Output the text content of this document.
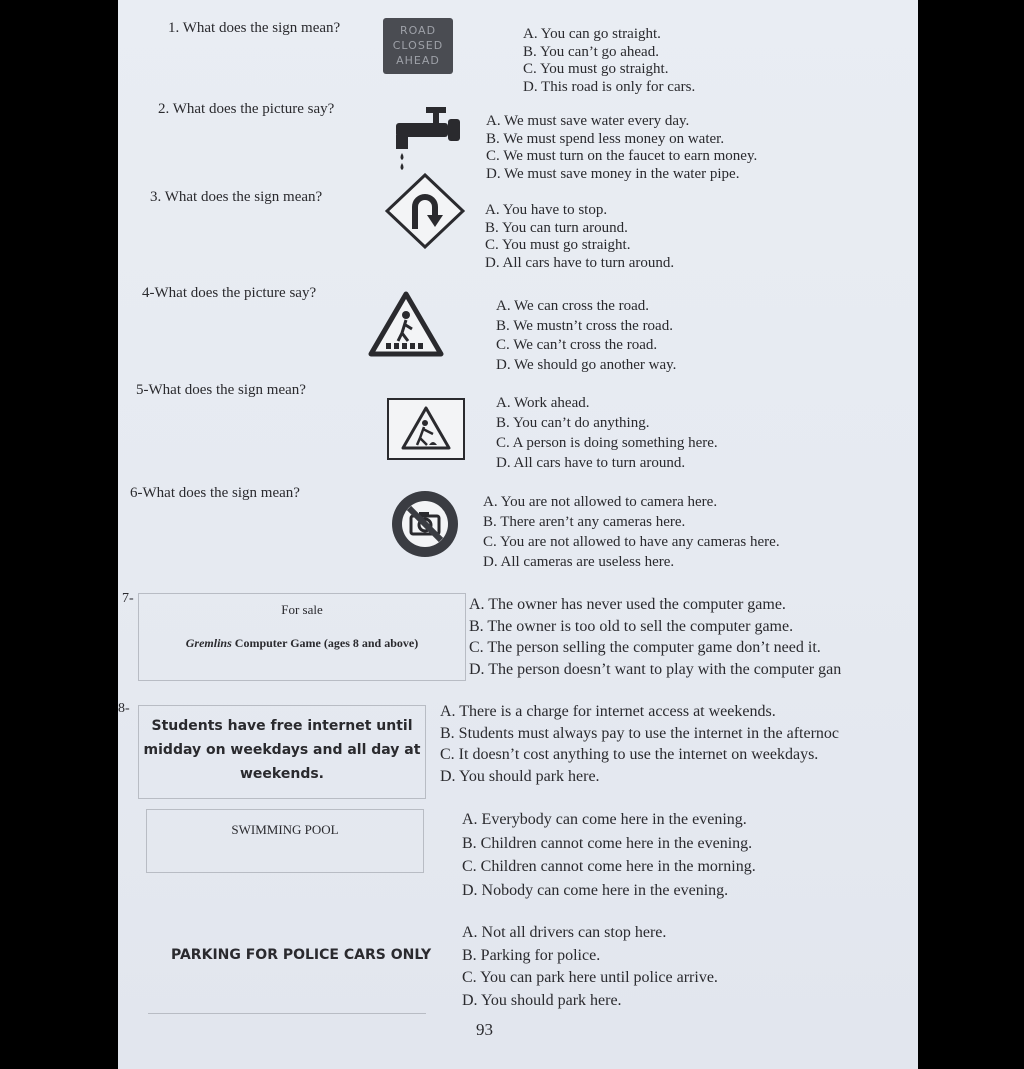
1. What does the sign mean?	ROAD
CLOSED
AHEAD
A. You can go straight.
B. You can’t go ahead.
C. You must go straight.
D. This road is only for cars.
2. What does the picture say?
A. We must save water every day.
B. We must spend less money on water.
C. We must turn on the faucet to earn money.
D. We must save money in the water pipe.
3. What does the sign mean?
A. You have to stop.
B. You can turn around.
C. You must go straight.
D. All cars have to turn around.
4-What does the picture say?
A. We can cross the road.
B. We mustn’t cross the road.
C. We can’t cross the road.
D. We should go another way.
5-What does the sign mean?
A. Work ahead.
B. You can’t do anything.
C. A person is doing something here.
D. All cars have to turn around.
6-What does the sign mean?
A. You are not allowed to camera here.
B. There aren’t any cameras here.
C. You are not allowed to have any cameras here.
D. All cameras are useless here.
7-
For sale
Gremlins Computer Game (ages 8 and above)
A. The owner has never used the computer game.
B. The owner is too old to sell the computer game.
C. The person selling the computer game don’t need it.
D. The person doesn’t want to play with the computer gan
8-
Students have free internet until
midday on weekdays and all day at
weekends.
A. There is a charge for internet access at weekends.
B. Students must always pay to use the internet in the afternoc
C. It doesn’t cost anything to use the internet on weekdays.
D. You should park here.
SWIMMING POOL
A. Everybody can come here in the evening.
B. Children cannot come here in the evening.
C. Children cannot come here in the morning.
D. Nobody can come here in the evening.
PARKING FOR POLICE CARS ONLY
A. Not all drivers can stop here.
B. Parking for police.
C. You can park here until police arrive.
D. You should park here.
93
